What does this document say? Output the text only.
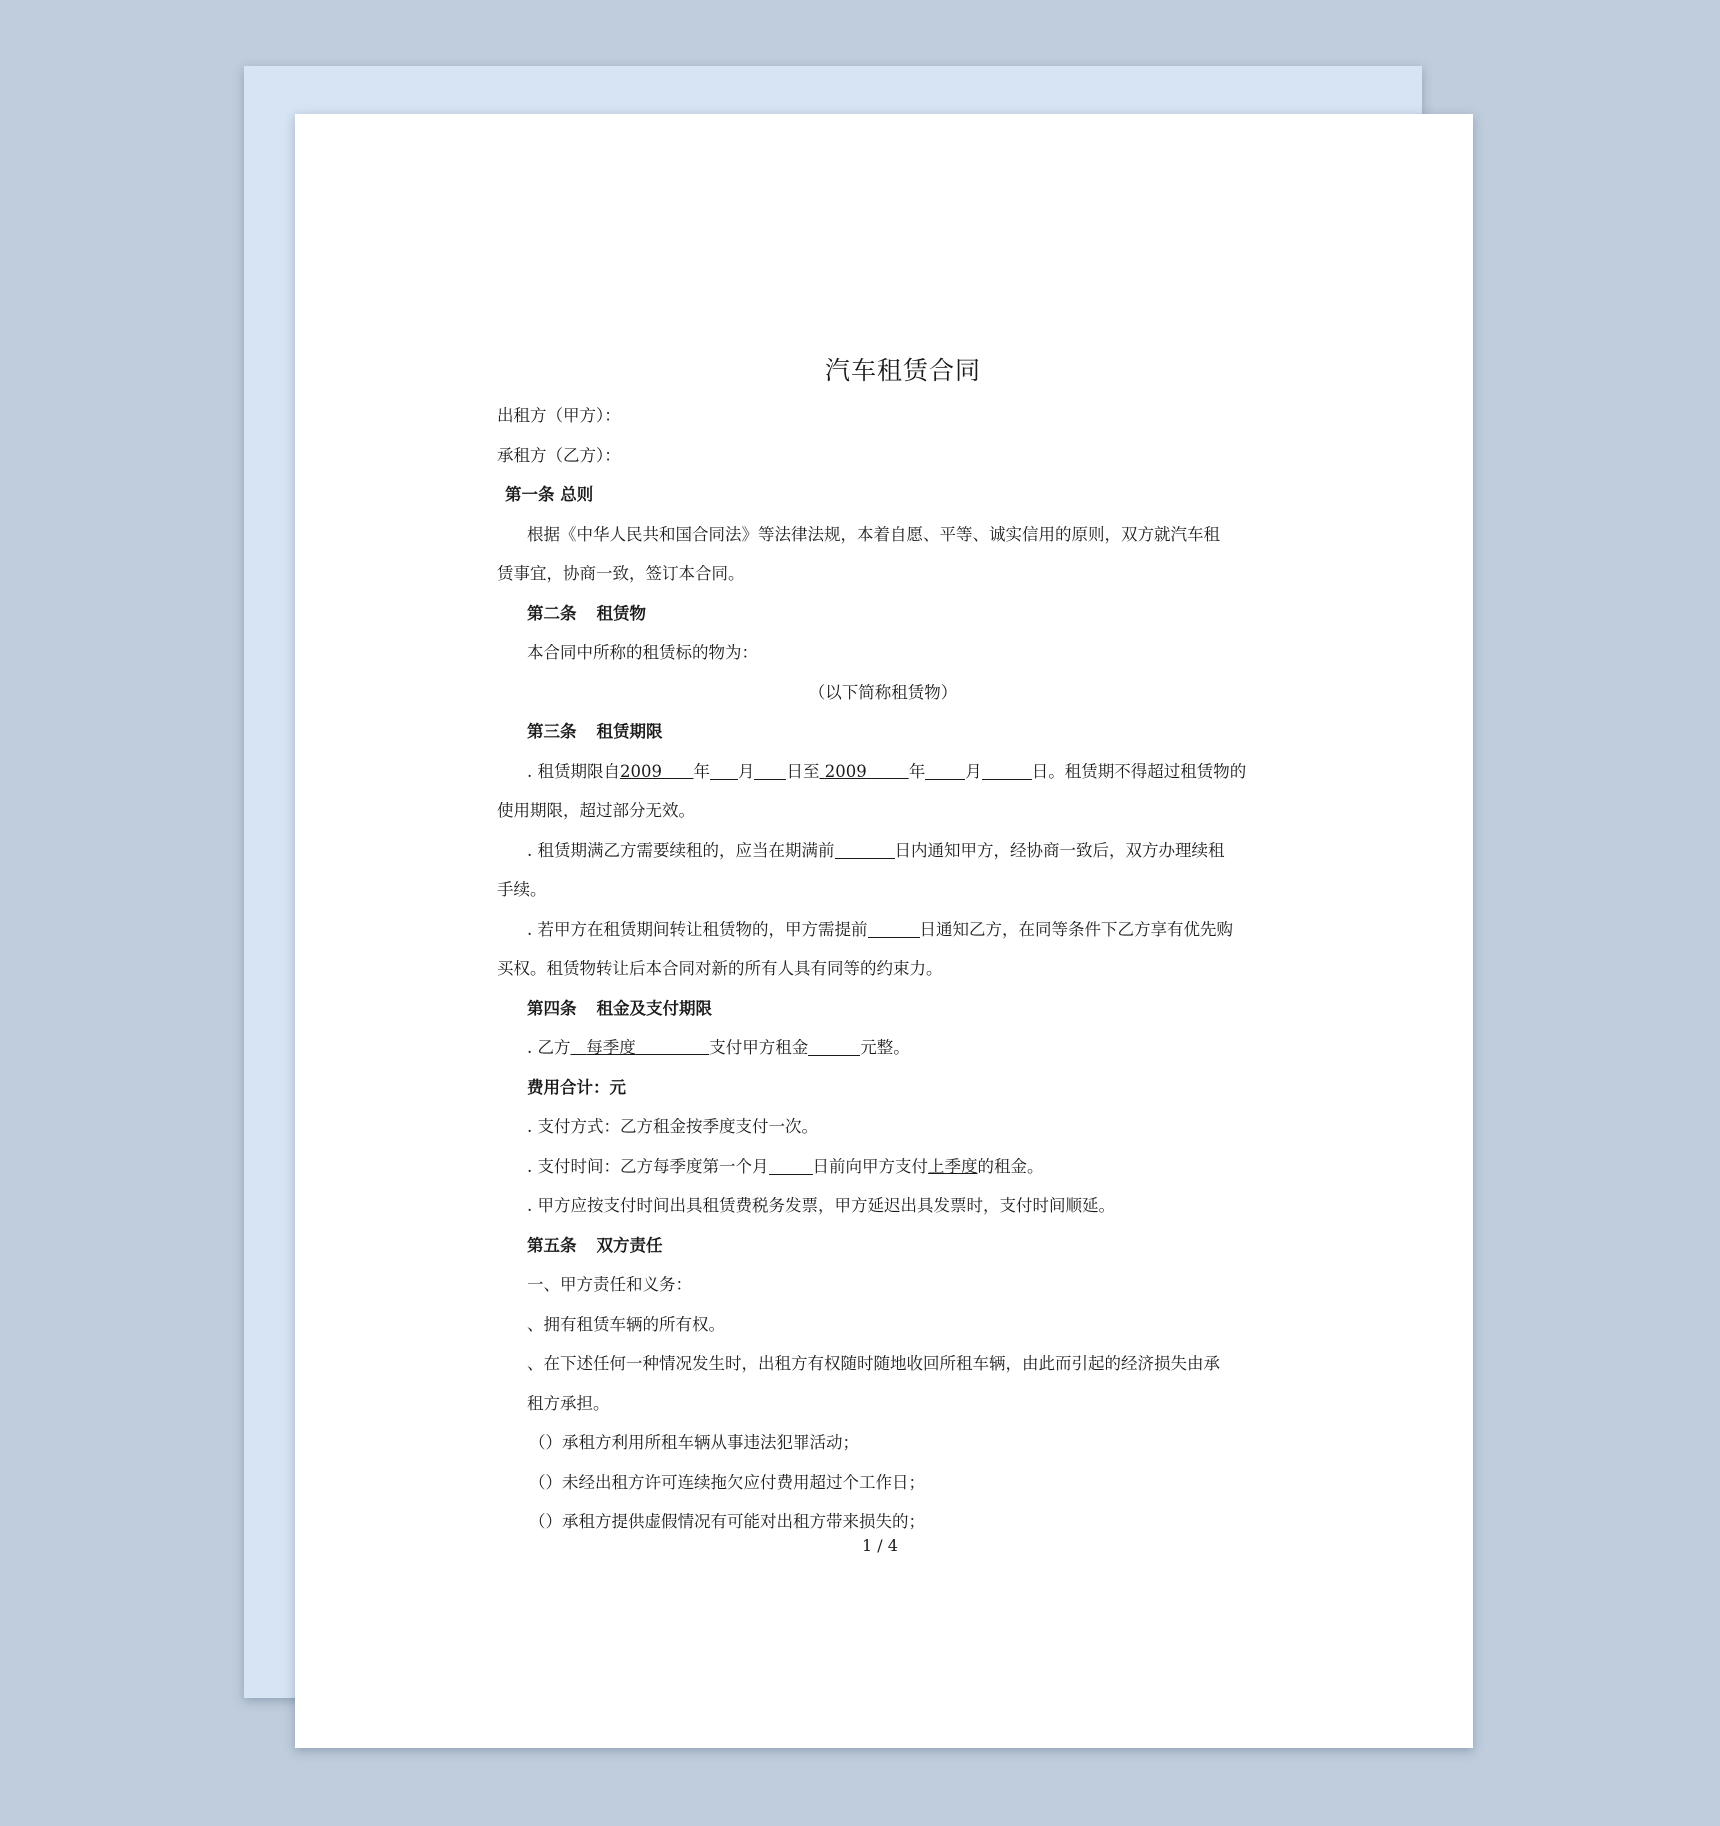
汽车租赁合同
出租方（甲方）：
承租方（乙方）：
第一条 总则
根据《中华人民共和国合同法》等法律法规，本着自愿、平等、诚实信用的原则，双方就汽车租
赁事宜，协商一致，签订本合同。
第二条 租赁物
本合同中所称的租赁标的物为：
（以下简称租赁物）
第三条 租赁期限
. 租赁期限自2009 年 月 日至 2009	年 月	日。租赁期不得超过租赁物的
使用期限，超过部分无效。
. 租赁期满乙方需要续租的，应当在期满前	日内通知甲方，经协商一致后，双方办理续租
手续。
. 若甲方在租赁期间转让租赁物的，甲方需提前	日通知乙方，在同等条件下乙方享有优先购
买权。租赁物转让后本合同对新的所有人具有同等的约束力。
第四条 租金及支付期限
. 乙方 每季度	支付甲方租金	元整。
费用合计：元
. 支付方式：乙方租金按季度支付一次。
. 支付时间：乙方每季度第一个月	日前向甲方支付上季度的租金。
. 甲方应按支付时间出具租赁费税务发票，甲方延迟出具发票时，支付时间顺延。
第五条 双方责任
一、甲方责任和义务：
、拥有租赁车辆的所有权。
、在下述任何一种情况发生时，出租方有权随时随地收回所租车辆，由此而引起的经济损失由承
租方承担。
（）承租方利用所租车辆从事违法犯罪活动；
（）未经出租方许可连续拖欠应付费用超过个工作日；
（）承租方提供虚假情况有可能对出租方带来损失的；
1 / 4
